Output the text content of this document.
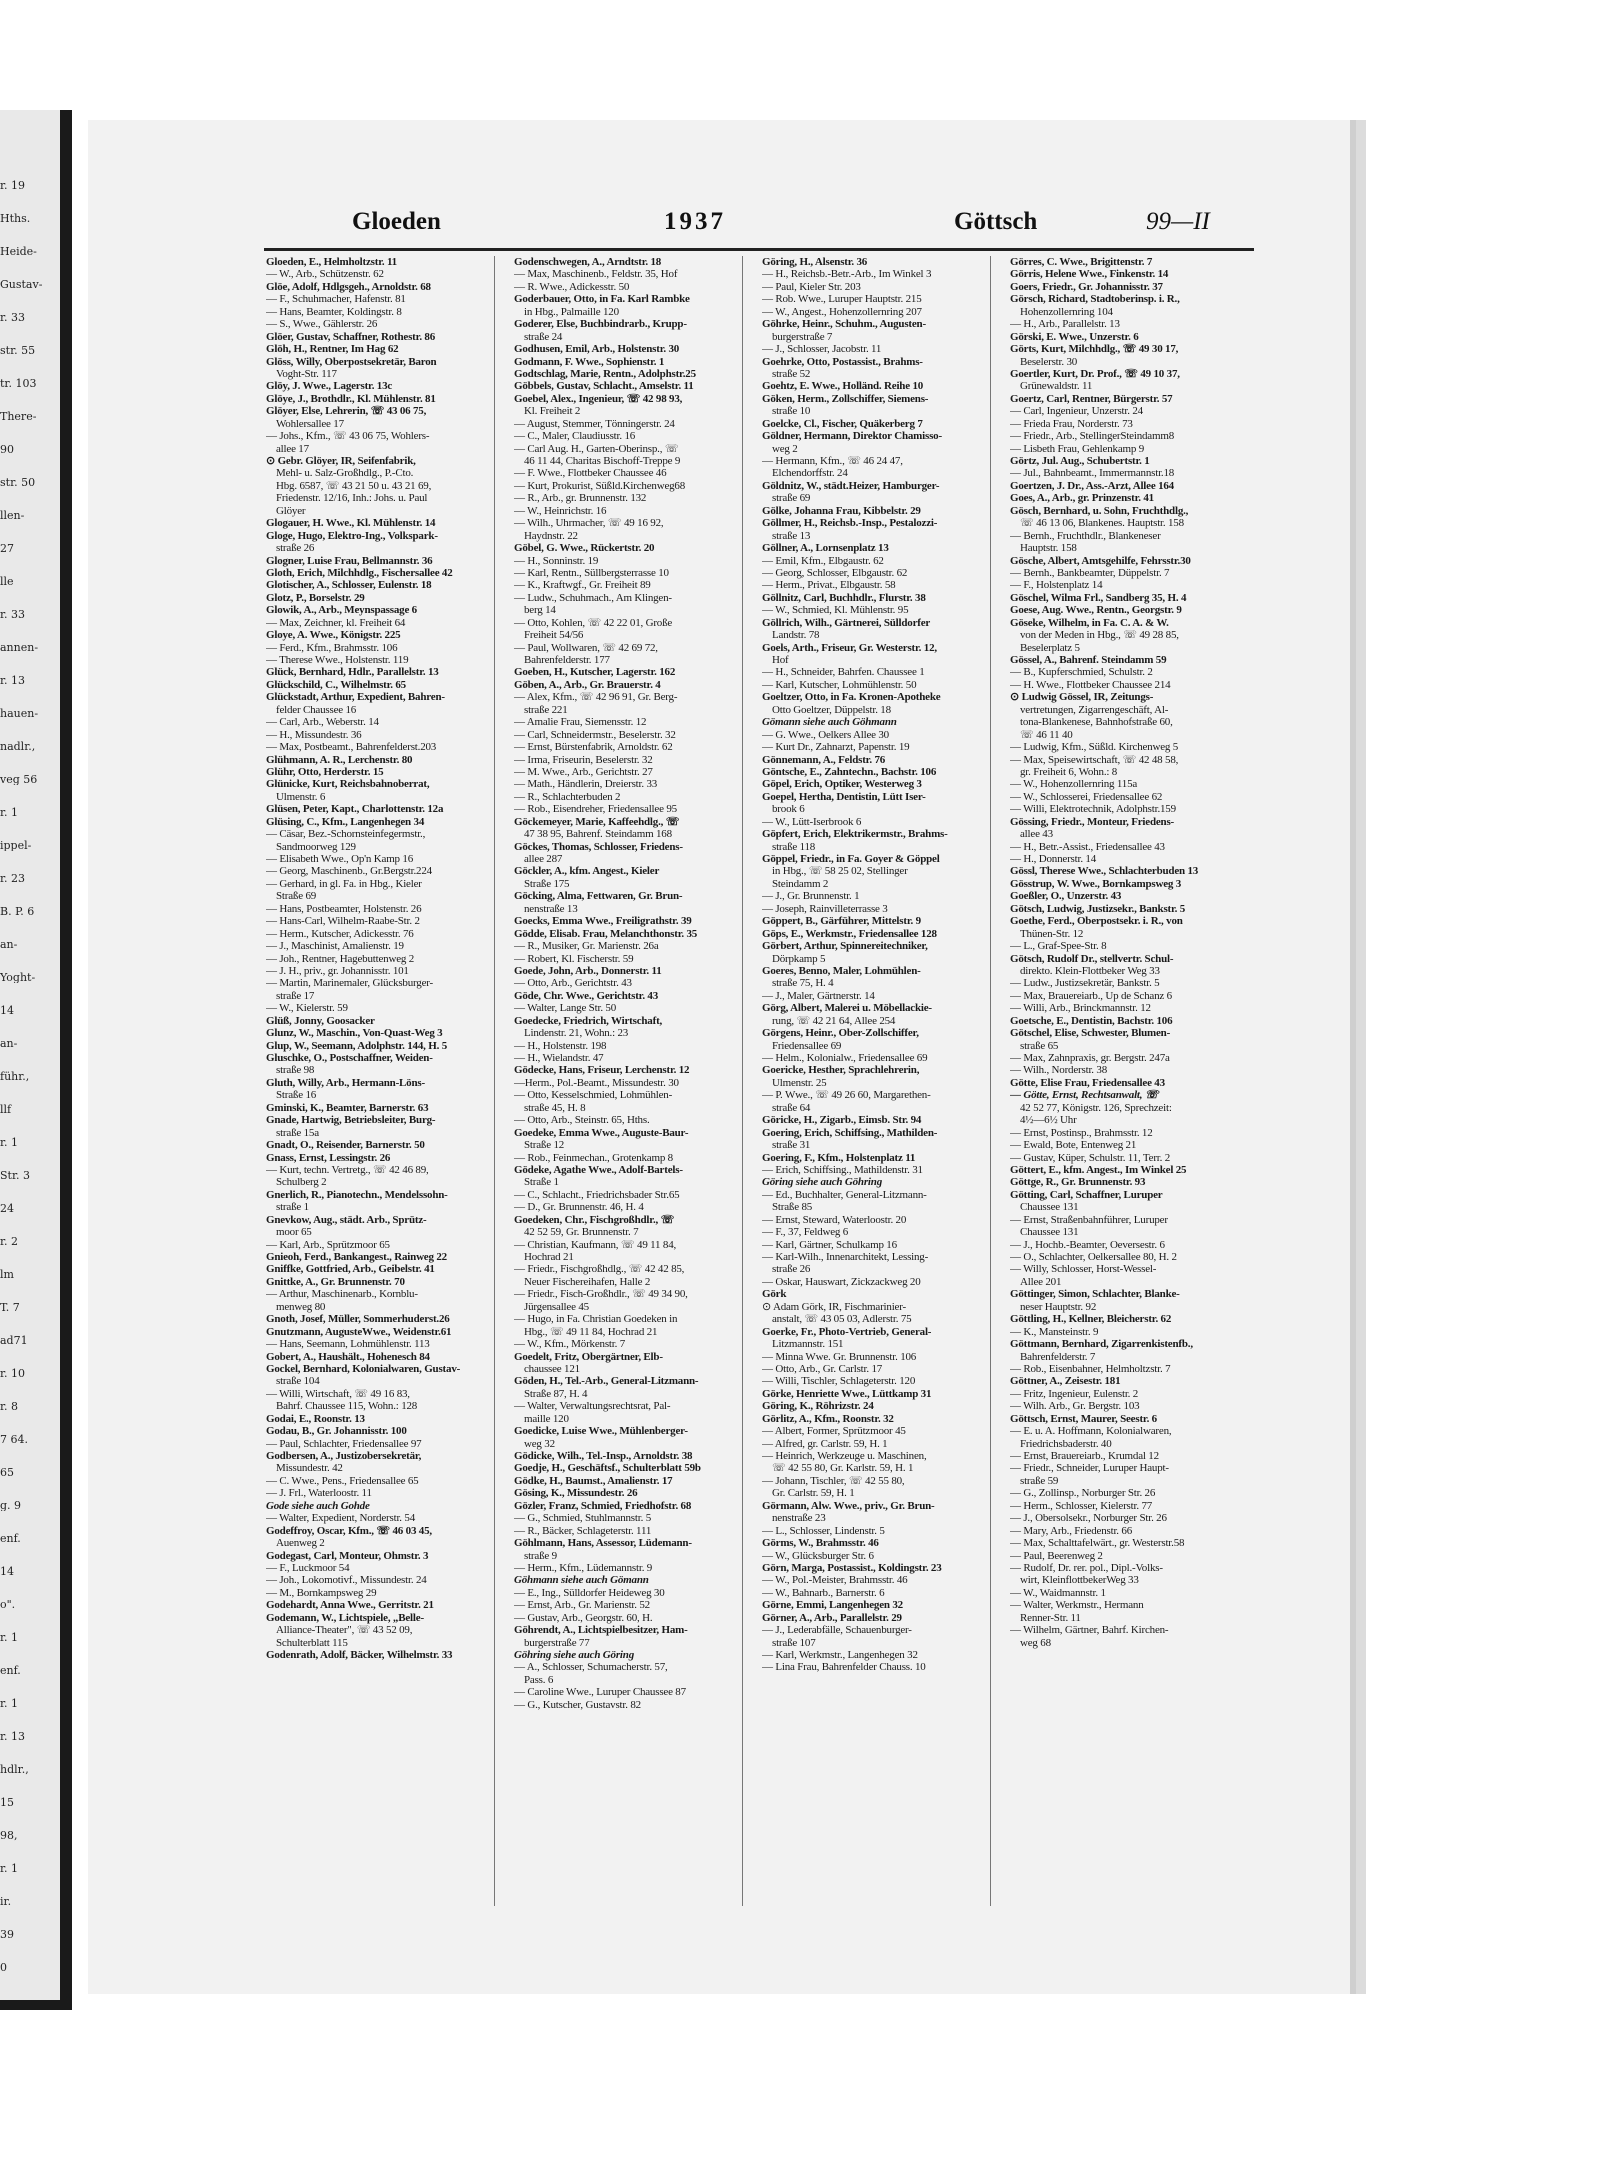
r. 19
Hths.
Heide-
Gustav-
r. 33
str. 55
tr. 103
There-
90
str. 50
llen-
27
lle
r. 33
annen-
r. 13
hauen-
nadlr.,
veg 56
r. 1
ippel-
r. 23
B. P. 6
an-
Yoght-
14
an-
führ.,
llf
r. 1
Str. 3
24
r. 2
lm
T. 7
ad71
r. 10
r. 8
7 64.
65
g. 9
enf.
14
o".
r. 1
enf.
r. 1
r. 13
hdlr.,
15
98,
r. 1
ir.
39
0
Gloeden	1937	Göttsch	99—II
Gloeden, E., Helmholtzstr. 11
— W., Arb., Schützenstr. 62
Glöe, Adolf, Hdlgsgeh., Arnoldstr. 68
— F., Schuhmacher, Hafenstr. 81
— Hans, Beamter, Koldingstr. 8
— S., Wwe., Gählerstr. 26
Glöer, Gustav, Schaffner, Rothestr. 86
Glöh, H., Rentner, Im Hag 62
Glöss, Willy, Oberpostsekretär, Baron
Voght-Str. 117
Glöy, J. Wwe., Lagerstr. 13c
Glöye, J., Brothdlr., Kl. Mühlenstr. 81
Glöyer, Else, Lehrerin, ☏ 43 06 75,
Wohlersallee 17
— Johs., Kfm., ☏ 43 06 75, Wohlers-
allee 17
⊙ Gebr. Glöyer, IR, Seifenfabrik,
Mehl- u. Salz-Großhdlg., P.-Cto.
Hbg. 6587, ☏ 43 21 50 u. 43 21 69,
Friedenstr. 12/16, Inh.: Johs. u. Paul
Glöyer
Glogauer, H. Wwe., Kl. Mühlenstr. 14
Gloge, Hugo, Elektro-Ing., Volkspark-
straße 26
Glogner, Luise Frau, Bellmannstr. 36
Gloth, Erich, Milchhdlg., Fischersallee 42
Glotischer, A., Schlosser, Eulenstr. 18
Glotz, P., Borselstr. 29
Glowik, A., Arb., Meynspassage 6
— Max, Zeichner, kl. Freiheit 64
Gloye, A. Wwe., Königstr. 225
— Ferd., Kfm., Brahmsstr. 106
— Therese Wwe., Holstenstr. 119
Glück, Bernhard, Hdlr., Parallelstr. 13
Glückschild, C., Wilhelmstr. 65
Glückstadt, Arthur, Expedient, Bahren-
felder Chaussee 16
— Carl, Arb., Weberstr. 14
— H., Missundestr. 36
— Max, Postbeamt., Bahrenfelderst.203
Glühmann, A. R., Lerchenstr. 80
Glühr, Otto, Herderstr. 15
Glünicke, Kurt, Reichsbahnoberrat,
Ulmenstr. 6
Glüsen, Peter, Kapt., Charlottenstr. 12a
Glüsing, C., Kfm., Langenhegen 34
— Cäsar, Bez.-Schornsteinfegermstr.,
Sandmoorweg 129
— Elisabeth Wwe., Op'n Kamp 16
— Georg, Maschinenb., Gr.Bergstr.224
— Gerhard, in gl. Fa. in Hbg., Kieler
Straße 69
— Hans, Postbeamter, Holstenstr. 26
— Hans-Carl, Wilhelm-Raabe-Str. 2
— Herm., Kutscher, Adickesstr. 76
— J., Maschinist, Amalienstr. 19
— Joh., Rentner, Hagebuttenweg 2
— J. H., priv., gr. Johannisstr. 101
— Martin, Marinemaler, Glücksburger-
straße 17
— W., Kielerstr. 59
Glüß, Jonny, Goosacker
Glunz, W., Maschin., Von-Quast-Weg 3
Glup, W., Seemann, Adolphstr. 144, H. 5
Gluschke, O., Postschaffner, Weiden-
straße 98
Gluth, Willy, Arb., Hermann-Löns-
Straße 16
Gminski, K., Beamter, Barnerstr. 63
Gnade, Hartwig, Betriebsleiter, Burg-
straße 15a
Gnadt, O., Reisender, Barnerstr. 50
Gnass, Ernst, Lessingstr. 26
— Kurt, techn. Vertretg., ☏ 42 46 89,
Schulberg 2
Gnerlich, R., Pianotechn., Mendelssohn-
straße 1
Gnevkow, Aug., städt. Arb., Sprütz-
moor 65
— Karl, Arb., Sprützmoor 65
Gnieoh, Ferd., Bankangest., Rainweg 22
Gniffke, Gottfried, Arb., Geibelstr. 41
Gnittke, A., Gr. Brunnenstr. 70
— Arthur, Maschinenarb., Kornblu-
menweg 80
Gnoth, Josef, Müller, Sommerhuderst.26
Gnutzmann, AugusteWwe., Weidenstr.61
— Hans, Seemann, Lohmühlenstr. 113
Gobert, A., Haushält., Hohenesch 84
Gockel, Bernhard, Kolonialwaren, Gustav-
straße 104
— Willi, Wirtschaft, ☏ 49 16 83,
Bahrf. Chaussee 115, Wohn.: 128
Godai, E., Roonstr. 13
Godau, B., Gr. Johannisstr. 100
— Paul, Schlachter, Friedensallee 97
Godbersen, A., Justizobersekretär,
Missundestr. 42
— C. Wwe., Pens., Friedensallee 65
— J. Frl., Waterloostr. 11
Gode siehe auch Gohde
— Walter, Expedient, Norderstr. 54
Godeffroy, Oscar, Kfm., ☏ 46 03 45,
Auenweg 2
Godegast, Carl, Monteur, Ohmstr. 3
— F., Luckmoor 54
— Joh., Lokomotivf., Missundestr. 24
— M., Bornkampsweg 29
Godehardt, Anna Wwe., Gerritstr. 21
Godemann, W., Lichtspiele, „Belle-
Alliance-Theater", ☏ 43 52 09,
Schulterblatt 115
Godenrath, Adolf, Bäcker, Wilhelmstr. 33
Godenschwegen, A., Arndtstr. 18
— Max, Maschinenb., Feldstr. 35, Hof
— R. Wwe., Adickesstr. 50
Goderbauer, Otto, in Fa. Karl Rambke
in Hbg., Palmaille 120
Goderer, Else, Buchbindrarb., Krupp-
straße 24
Godhusen, Emil, Arb., Holstenstr. 30
Godmann, F. Wwe., Sophienstr. 1
Godtschlag, Marie, Rentn., Adolphstr.25
Göbbels, Gustav, Schlacht., Amselstr. 11
Goebel, Alex., Ingenieur, ☏ 42 98 93,
Kl. Freiheit 2
— August, Stemmer, Tönningerstr. 24
— C., Maler, Claudiusstr. 16
— Carl Aug. H., Garten-Oberinsp., ☏
46 11 44, Charitas Bischoff-Treppe 9
— F. Wwe., Flottbeker Chaussee 46
— Kurt, Prokurist, Süßld.Kirchenweg68
— R., Arb., gr. Brunnenstr. 132
— W., Heinrichstr. 16
— Wilh., Uhrmacher, ☏ 49 16 92,
Haydnstr. 22
Göbel, G. Wwe., Rückertstr. 20
— H., Sonninstr. 19
— Karl, Rentn., Süllbergsterrasse 10
— K., Kraftwgf., Gr. Freiheit 89
— Ludw., Schuhmach., Am Klingen-
berg 14
— Otto, Kohlen, ☏ 42 22 01, Große
Freiheit 54/56
— Paul, Wollwaren, ☏ 42 69 72,
Bahrenfelderstr. 177
Goeben, H., Kutscher, Lagerstr. 162
Göben, A., Arb., Gr. Brauerstr. 4
— Alex, Kfm., ☏ 42 96 91, Gr. Berg-
straße 221
— Amalie Frau, Siemensstr. 12
— Carl, Schneidermstr., Beselerstr. 32
— Ernst, Bürstenfabrik, Arnoldstr. 62
— Irma, Friseurin, Beselerstr. 32
— M. Wwe., Arb., Gerichtstr. 27
— Math., Händlerin, Dreierstr. 33
— R., Schlachterbuden 2
— Rob., Eisendreher, Friedensallee 95
Göckemeyer, Marie, Kaffeehdlg., ☏
47 38 95, Bahrenf. Steindamm 168
Göckes, Thomas, Schlosser, Friedens-
allee 287
Göckler, A., kfm. Angest., Kieler
Straße 175
Göcking, Alma, Fettwaren, Gr. Brun-
nenstraße 13
Goecks, Emma Wwe., Freiligrathstr. 39
Gödde, Elisab. Frau, Melanchthonstr. 35
— R., Musiker, Gr. Marienstr. 26a
— Robert, Kl. Fischerstr. 59
Goede, John, Arb., Donnerstr. 11
— Otto, Arb., Gerichtstr. 43
Göde, Chr. Wwe., Gerichtstr. 43
— Walter, Lange Str. 50
Goedecke, Friedrich, Wirtschaft,
Lindenstr. 21, Wohn.: 23
— H., Holstenstr. 198
— H., Wielandstr. 47
Gödecke, Hans, Friseur, Lerchenstr. 12
—Herm., Pol.-Beamt., Missundestr. 30
— Otto, Kesselschmied, Lohmühlen-
straße 45, H. 8
— Otto, Arb., Steinstr. 65, Hths.
Goedeke, Emma Wwe., Auguste-Baur-
Straße 12
— Rob., Feinmechan., Grotenkamp 8
Gödeke, Agathe Wwe., Adolf-Bartels-
Straße 1
— C., Schlacht., Friedrichsbader Str.65
— D., Gr. Brunnenstr. 46, H. 4
Goedeken, Chr., Fischgroßhdlr., ☏
42 52 59, Gr. Brunnenstr. 7
— Christian, Kaufmann, ☏ 49 11 84,
Hochrad 21
— Friedr., Fischgroßhdlg., ☏ 42 42 85,
Neuer Fischereihafen, Halle 2
— Friedr., Fisch-Großhdlr., ☏ 49 34 90,
Jürgensallee 45
— Hugo, in Fa. Christian Goedeken in
Hbg., ☏ 49 11 84, Hochrad 21
— W., Kfm., Mörkenstr. 7
Goedelt, Fritz, Obergärtner, Elb-
chaussee 121
Göden, H., Tel.-Arb., General-Litzmann-
Straße 87, H. 4
— Walter, Verwaltungsrechtsrat, Pal-
maille 120
Goedicke, Luise Wwe., Mühlenberger-
weg 32
Gödicke, Wilh., Tel.-Insp., Arnoldstr. 38
Goedje, H., Geschäftsf., Schulterblatt 59b
Gödke, H., Baumst., Amalienstr. 17
Gösing, K., Missundestr. 26
Gözler, Franz, Schmied, Friedhofstr. 68
— G., Schmied, Stuhlmannstr. 5
— R., Bäcker, Schlageterstr. 111
Göhlmann, Hans, Assessor, Lüdemann-
straße 9
— Herm., Kfm., Lüdemannstr. 9
Göhmann siehe auch Gömann
— E., Ing., Sülldorfer Heideweg 30
— Ernst, Arb., Gr. Marienstr. 52
— Gustav, Arb., Georgstr. 60, H.
Göhrendt, A., Lichtspielbesitzer, Ham-
burgerstraße 77
Göhring siehe auch Göring
— A., Schlosser, Schumacherstr. 57,
Pass. 6
— Caroline Wwe., Luruper Chaussee 87
— G., Kutscher, Gustavstr. 82
Göring, H., Alsenstr. 36
— H., Reichsb.-Betr.-Arb., Im Winkel 3
— Paul, Kieler Str. 203
— Rob. Wwe., Luruper Hauptstr. 215
— W., Angest., Hohenzollernring 207
Göhrke, Heinr., Schuhm., Augusten-
burgerstraße 7
— J., Schlosser, Jacobstr. 11
Goehrke, Otto, Postassist., Brahms-
straße 52
Goehtz, E. Wwe., Holländ. Reihe 10
Göken, Herm., Zollschiffer, Siemens-
straße 10
Goelcke, Cl., Fischer, Quäkerberg 7
Göldner, Hermann, Direktor Chamisso-
weg 2
— Hermann, Kfm., ☏ 46 24 47,
Elchendorffstr. 24
Göldnitz, W., städt.Heizer, Hamburger-
straße 69
Gölke, Johanna Frau, Kibbelstr. 29
Göllmer, H., Reichsb.-Insp., Pestalozzi-
straße 13
Göllner, A., Lornsenplatz 13
— Emil, Kfm., Elbgaustr. 62
— Georg, Schlosser, Elbgaustr. 62
— Herm., Privat., Elbgaustr. 58
Göllnitz, Carl, Buchhdlr., Flurstr. 38
— W., Schmied, Kl. Mühlenstr. 95
Göllrich, Wilh., Gärtnerei, Sülldorfer
Landstr. 78
Goels, Arth., Friseur, Gr. Westerstr. 12,
Hof
— H., Schneider, Bahrfen. Chaussee 1
— Karl, Kutscher, Lohmühlenstr. 50
Goeltzer, Otto, in Fa. Kronen-Apotheke
Otto Goeltzer, Düppelstr. 18
Gömann siehe auch Göhmann
— G. Wwe., Oelkers Allee 30
— Kurt Dr., Zahnarzt, Papenstr. 19
Gönnemann, A., Feldstr. 76
Göntsche, E., Zahntechn., Bachstr. 106
Göpel, Erich, Optiker, Westerweg 3
Goepel, Hertha, Dentistin, Lütt Iser-
brook 6
— W., Lütt-Iserbrook 6
Göpfert, Erich, Elektrikermstr., Brahms-
straße 118
Göppel, Friedr., in Fa. Goyer & Göppel
in Hbg., ☏ 58 25 02, Stellinger
Steindamm 2
— J., Gr. Brunnenstr. 1
— Joseph, Rainvilleterrasse 3
Göppert, B., Gärführer, Mittelstr. 9
Göps, E., Werkmstr., Friedensallee 128
Görbert, Arthur, Spinnereitechniker,
Dörpkamp 5
Goeres, Benno, Maler, Lohmühlen-
straße 75, H. 4
— J., Maler, Gärtnerstr. 14
Görg, Albert, Malerei u. Möbellackie-
rung, ☏ 42 21 64, Allee 254
Görgens, Heinr., Ober-Zollschiffer,
Friedensallee 69
— Helm., Kolonialw., Friedensallee 69
Goericke, Hesther, Sprachlehrerin,
Ulmenstr. 25
— P. Wwe., ☏ 49 26 60, Margarethen-
straße 64
Göricke, H., Zigarb., Eimsb. Str. 94
Goering, Erich, Schiffsing., Mathilden-
straße 31
Goering, F., Kfm., Holstenplatz 11
— Erich, Schiffsing., Mathildenstr. 31
Göring siehe auch Göhring
— Ed., Buchhalter, General-Litzmann-
Straße 85
— Ernst, Steward, Waterloostr. 20
— F., 37, Feldweg 6
— Karl, Gärtner, Schulkamp 16
— Karl-Wilh., Innenarchitekt, Lessing-
straße 26
— Oskar, Hauswart, Zickzackweg 20
Görk
⊙ Adam Görk, IR, Fischmarinier-
anstalt, ☏ 43 05 03, Adlerstr. 75
Goerke, Fr., Photo-Vertrieb, General-
Litzmannstr. 151
— Minna Wwe. Gr. Brunnenstr. 106
— Otto, Arb., Gr. Carlstr. 17
— Willi, Tischler, Schlageterstr. 120
Görke, Henriette Wwe., Lüttkamp 31
Göring, K., Röhrizstr. 24
Görlitz, A., Kfm., Roonstr. 32
— Albert, Former, Sprützmoor 45
— Alfred, gr. Carlstr. 59, H. 1
— Heinrich, Werkzeuge u. Maschinen,
☏ 42 55 80, Gr. Karlstr. 59, H. 1
— Johann, Tischler, ☏ 42 55 80,
Gr. Carlstr. 59, H. 1
Görmann, Alw. Wwe., priv., Gr. Brun-
nenstraße 23
— L., Schlosser, Lindenstr. 5
Görms, W., Brahmsstr. 46
— W., Glücksburger Str. 6
Görn, Marga, Postassist., Koldingstr. 23
— W., Pol.-Meister, Brahmsstr. 46
— W., Bahnarb., Barnerstr. 6
Görne, Emmi, Langenhegen 32
Görner, A., Arb., Parallelstr. 29
— J., Lederabfälle, Schauenburger-
straße 107
— Karl, Werkmstr., Langenhegen 32
— Lina Frau, Bahrenfelder Chauss. 10
Görres, C. Wwe., Brigittenstr. 7
Görris, Helene Wwe., Finkenstr. 14
Goers, Friedr., Gr. Johannisstr. 37
Görsch, Richard, Stadtoberinsp. i. R.,
Hohenzollernring 104
— H., Arb., Parallelstr. 13
Görski, E. Wwe., Unzerstr. 6
Görts, Kurt, Milchhdlg., ☏ 49 30 17,
Beselerstr. 30
Goertler, Kurt, Dr. Prof., ☏ 49 10 37,
Grünewaldstr. 11
Goertz, Carl, Rentner, Bürgerstr. 57
— Carl, Ingenieur, Unzerstr. 24
— Frieda Frau, Norderstr. 73
— Friedr., Arb., StellingerSteindamm8
— Lisbeth Frau, Gehlenkamp 9
Görtz, Jul. Aug., Schubertstr. 1
— Jul., Bahnbeamt., Immermannstr.18
Goertzen, J. Dr., Ass.-Arzt, Allee 164
Goes, A., Arb., gr. Prinzenstr. 41
Gösch, Bernhard, u. Sohn, Fruchthdlg.,
☏ 46 13 06, Blankenes. Hauptstr. 158
— Bernh., Fruchthdlr., Blankeneser
Hauptstr. 158
Gösche, Albert, Amtsgehilfe, Fehrsstr.30
— Bernh., Bankbeamter, Düppelstr. 7
— F., Holstenplatz 14
Göschel, Wilma Frl., Sandberg 35, H. 4
Goese, Aug. Wwe., Rentn., Georgstr. 9
Göseke, Wilhelm, in Fa. C. A. & W.
von der Meden in Hbg., ☏ 49 28 85,
Beselerplatz 5
Gössel, A., Bahrenf. Steindamm 59
— B., Kupferschmied, Schulstr. 2
— H. Wwe., Flottbeker Chaussee 214
⊙ Ludwig Gössel, IR, Zeitungs-
vertretungen, Zigarrengeschäft, Al-
tona-Blankenese, Bahnhofstraße 60,
☏ 46 11 40
— Ludwig, Kfm., Süßld. Kirchenweg 5
— Max, Speisewirtschaft, ☏ 42 48 58,
gr. Freiheit 6, Wohn.: 8
— W., Hohenzollernring 115a
— W., Schlosserei, Friedensallee 62
— Willi, Elektrotechnik, Adolphstr.159
Gössing, Friedr., Monteur, Friedens-
allee 43
— H., Betr.-Assist., Friedensallee 43
— H., Donnerstr. 14
Gössl, Therese Wwe., Schlachterbuden 13
Gösstrup, W. Wwe., Bornkampsweg 3
Goeßler, O., Unzerstr. 43
Götsch, Ludwig, Justizsekr., Bankstr. 5
Goethe, Ferd., Oberpostsekr. i. R., von
Thünen-Str. 12
— L., Graf-Spee-Str. 8
Götsch, Rudolf Dr., stellvertr. Schul-
direkto. Klein-Flottbeker Weg 33
— Ludw., Justizsekretär, Bankstr. 5
— Max, Brauereiarb., Up de Schanz 6
— Willi, Arb., Brinckmannstr. 12
Goetsche, E., Dentistin, Bachstr. 106
Götschel, Elise, Schwester, Blumen-
straße 65
— Max, Zahnpraxis, gr. Bergstr. 247a
— Wilh., Norderstr. 38
Götte, Elise Frau, Friedensallee 43
— Götte, Ernst, Rechtsanwalt, ☏
42 52 77, Königstr. 126, Sprechzeit:
4½—6½ Uhr
— Ernst, Postinsp., Brahmsstr. 12
— Ewald, Bote, Entenweg 21
— Gustav, Küper, Schulstr. 11, Terr. 2
Göttert, E., kfm. Angest., Im Winkel 25
Göttge, R., Gr. Brunnenstr. 93
Götting, Carl, Schaffner, Luruper
Chaussee 131
— Ernst, Straßenbahnführer, Luruper
Chaussee 131
— J., Hochb.-Beamter, Oeversestr. 6
— O., Schlachter, Oelkersallee 80, H. 2
— Willy, Schlosser, Horst-Wessel-
Allee 201
Göttinger, Simon, Schlachter, Blanke-
neser Hauptstr. 92
Göttling, H., Kellner, Bleicherstr. 62
— K., Mansteinstr. 9
Göttmann, Bernhard, Zigarrenkistenfb.,
Bahrenfelderstr. 7
— Rob., Eisenbahner, Helmholtzstr. 7
Göttner, A., Zeisestr. 181
— Fritz, Ingenieur, Eulenstr. 2
— Wilh. Arb., Gr. Bergstr. 103
Göttsch, Ernst, Maurer, Seestr. 6
— E. u. A. Hoffmann, Kolonialwaren,
Friedrichsbaderstr. 40
— Ernst, Brauereiarb., Krumdal 12
— Friedr., Schneider, Luruper Haupt-
straße 59
— G., Zollinsp., Norburger Str. 26
— Herm., Schlosser, Kielerstr. 77
— J., Obersolsekr., Norburger Str. 26
— Mary, Arb., Friedenstr. 66
— Max, Schalttafelwärt., gr. Westerstr.58
— Paul, Beerenweg 2
— Rudolf, Dr. rer. pol., Dipl.-Volks-
wirt, KleinflottbekerWeg 33
— W., Waidmannstr. 1
— Walter, Werkmstr., Hermann
Renner-Str. 11
— Wilhelm, Gärtner, Bahrf. Kirchen-
weg 68
